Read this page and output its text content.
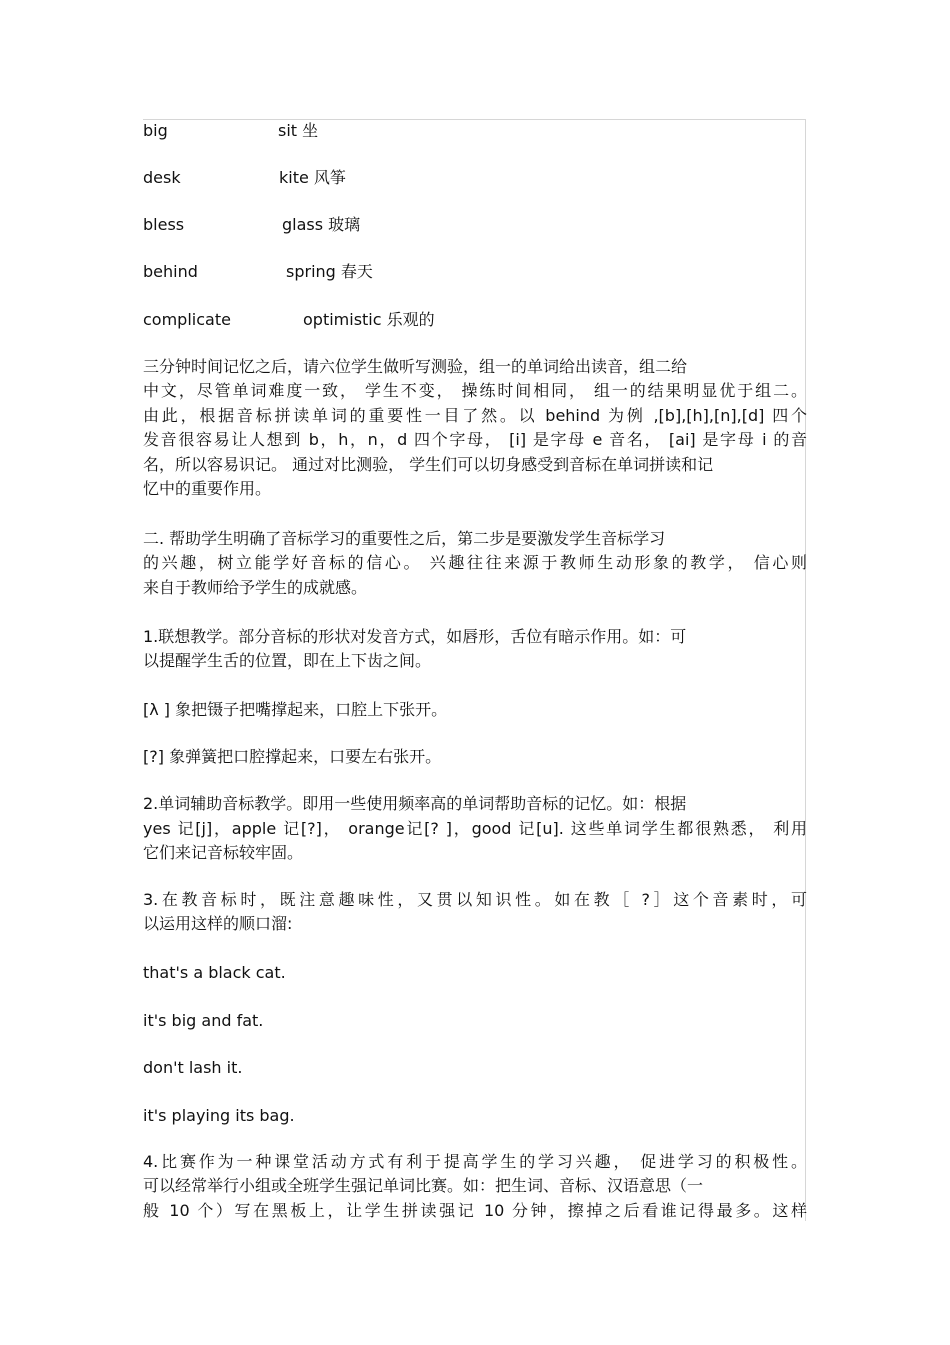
big	sit 坐
desk	kite 风筝
bless	glass 玻璃
behind	spring 春天
complicate	optimistic 乐观的
三分钟时间记忆之后，请六位学生做听写测验，组一的单词给出读音，组二给
中文，尽管单词难度一致， 学生不变， 操练时间相同， 组一的结果明显优于组二。
由此，根据音标拼读单词的重要性一目了然。以 behind 为例 ,[b],[h],[n],[d] 四个
发音很容易让人想到 b，h，n，d 四个字母， [i] 是字母 e 音名， [ai] 是字母 i 的音
名，所以容易识记。 通过对比测验， 学生们可以切身感受到音标在单词拼读和记
忆中的重要作用。
二. 帮助学生明确了音标学习的重要性之后，第二步是要激发学生音标学习
的兴趣，树立能学好音标的信心。 兴趣往往来源于教师生动形象的教学， 信心则
来自于教师给予学生的成就感。
1.联想教学。部分音标的形状对发音方式，如唇形，舌位有暗示作用。如：可
以提醒学生舌的位置，即在上下齿之间。
[λ ] 象把镊子把嘴撑起来，口腔上下张开。
[?] 象弹簧把口腔撑起来，口要左右张开。
2.单词辅助音标教学。即用一些使用频率高的单词帮助音标的记忆。如：根据
yes 记[j]，apple 记[?]， orange记[? ]，good 记[u]. 这些单词学生都很熟悉， 利用
它们来记音标较牢固。
3.在教音标时，既注意趣味性，又贯以知识性。如在教［ ?］这个音素时，可
以运用这样的顺口溜:
that's a black cat.
it's big and fat.
don't lash it.
it's playing its bag.
4.比赛作为一种课堂活动方式有利于提高学生的学习兴趣， 促进学习的积极性。
可以经常举行小组或全班学生强记单词比赛。如：把生词、音标、汉语意思（一
般 10 个）写在黑板上，让学生拼读强记 10 分钟，擦掉之后看谁记得最多。这样
